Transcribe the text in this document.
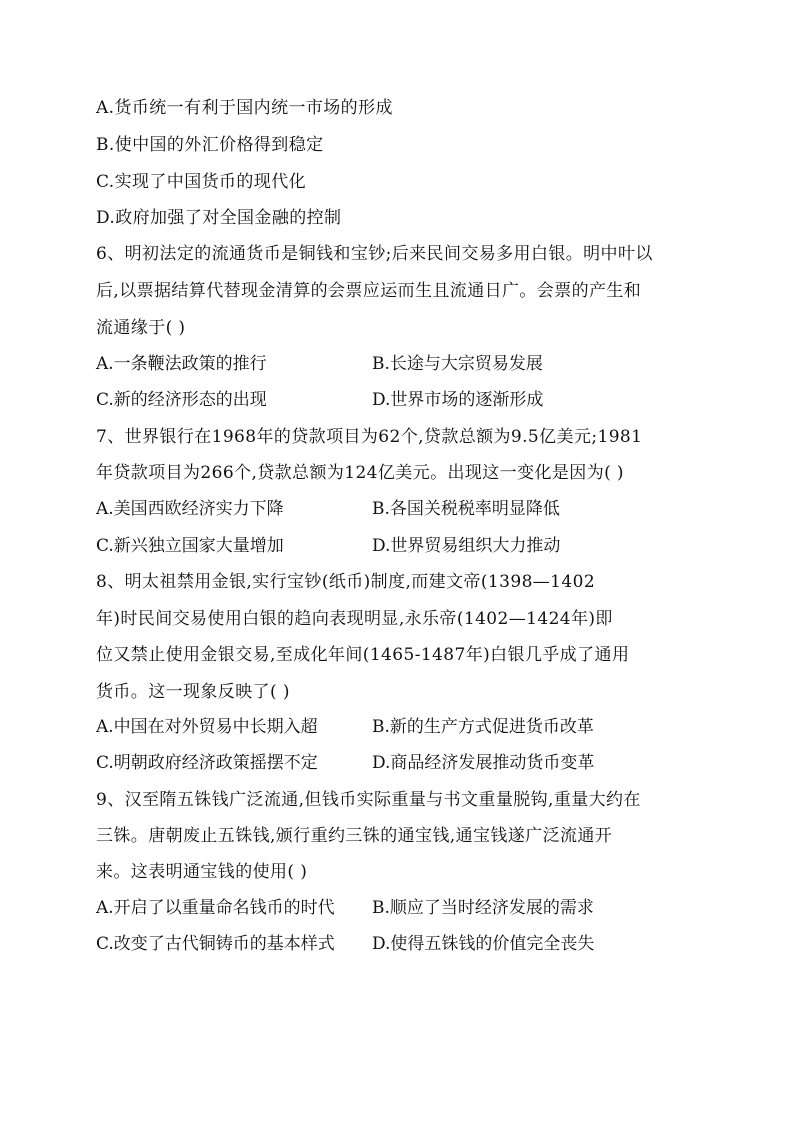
A.货币统一有利于国内统一市场的形成
B.使中国的外汇价格得到稳定
C.实现了中国货币的现代化
D.政府加强了对全国金融的控制
6、明初法定的流通货币是铜钱和宝钞;后来民间交易多用白银。明中叶以
后,以票据结算代替现金清算的会票应运而生且流通日广。会票的产生和
流通缘于( )
A.一条鞭法政策的推行	B.长途与大宗贸易发展
C.新的经济形态的出现	D.世界市场的逐渐形成
7、世界银行在1968年的贷款项目为62个,贷款总额为9.5亿美元;1981
年贷款项目为266个,贷款总额为124亿美元。出现这一变化是因为( )
A.美国西欧经济实力下降	B.各国关税税率明显降低
C.新兴独立国家大量增加	D.世界贸易组织大力推动
8、明太祖禁用金银,实行宝钞(纸币)制度,而建文帝(1398—1402
年)时民间交易使用白银的趋向表现明显,永乐帝(1402—1424年)即
位又禁止使用金银交易,至成化年间(1465-1487年)白银几乎成了通用
货币。这一现象反映了( )
A.中国在对外贸易中长期入超	B.新的生产方式促进货币改革
C.明朝政府经济政策摇摆不定	D.商品经济发展推动货币变革
9、汉至隋五铢钱广泛流通,但钱币实际重量与书文重量脱钩,重量大约在
三铢。唐朝废止五铢钱,颁行重约三铢的通宝钱,通宝钱遂广泛流通开
来。这表明通宝钱的使用( )
A.开启了以重量命名钱币的时代 B.顺应了当时经济发展的需求
C.改变了古代铜铸币的基本样式 D.使得五铢钱的价值完全丧失
